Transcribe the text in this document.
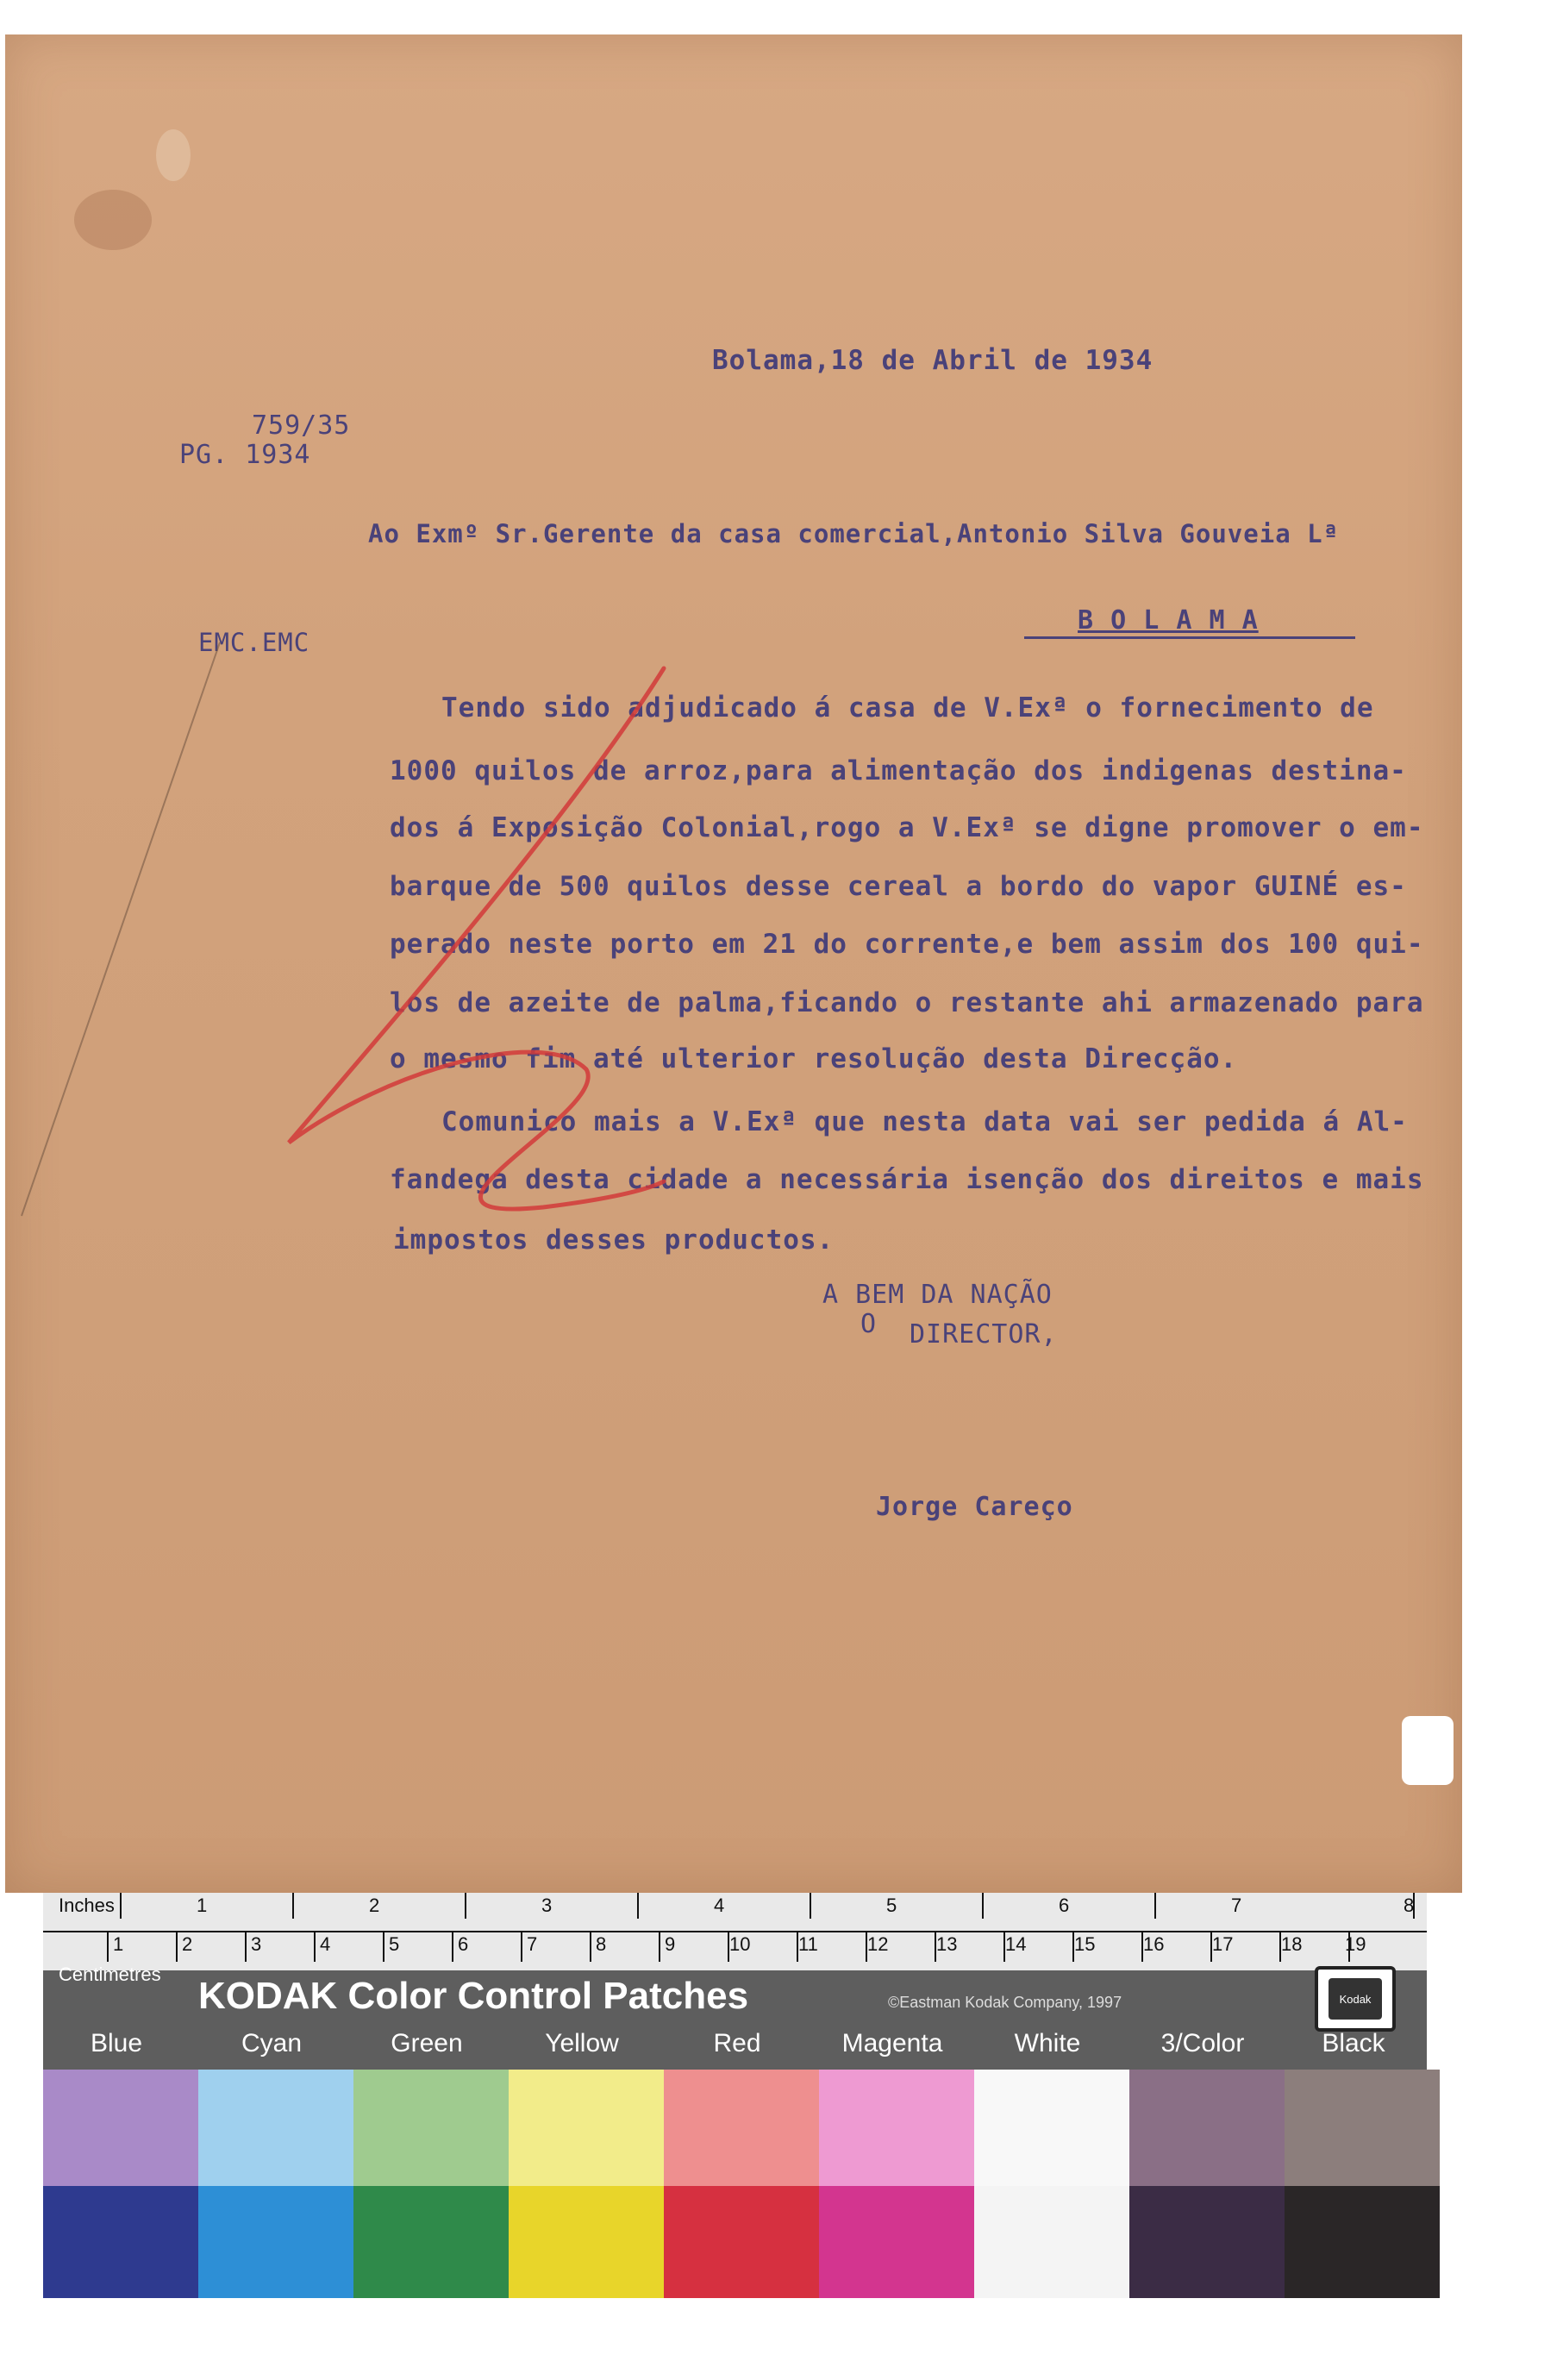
Bolama,18 de Abril de 1934
759/35
PG. 1934
Ao Exmº Sr.Gerente da casa comercial,Antonio Silva Gouveia Lª
EMC.EMC
B O L A M A
Tendo sido adjudicado á casa de V.Exª o fornecimento de
1000 quilos de arroz,para alimentação dos indigenas destina-
dos á Exposição Colonial,rogo a V.Exª se digne promover o em-
barque de 500 quilos desse cereal a bordo do vapor GUINÉ es-
perado neste porto em 21 do corrente,e bem assim dos 100 qui-
los de azeite de palma,ficando o restante ahi armazenado para
o mesmo fim até ulterior resolução desta Direcção.
Comunico mais a V.Exª que nesta data vai ser pedida á Al-
fandega desta cidade a necessária isenção dos direitos e mais
impostos desses productos.
A BEM DA NAÇÃO
O DIRECTOR,
Jorge Careço
Inches	1	2	3	4	5	6	7	8
1	2	3	4	5	6	7	8	9	10	11	12	13	14	15	16	17	18 19
Centimetres
KODAK Color Control Patches	©Eastman Kodak Company, 1997	Kodak
Blue	Cyan	Green	Yellow	Red	Magenta	White	3/Color	Black
